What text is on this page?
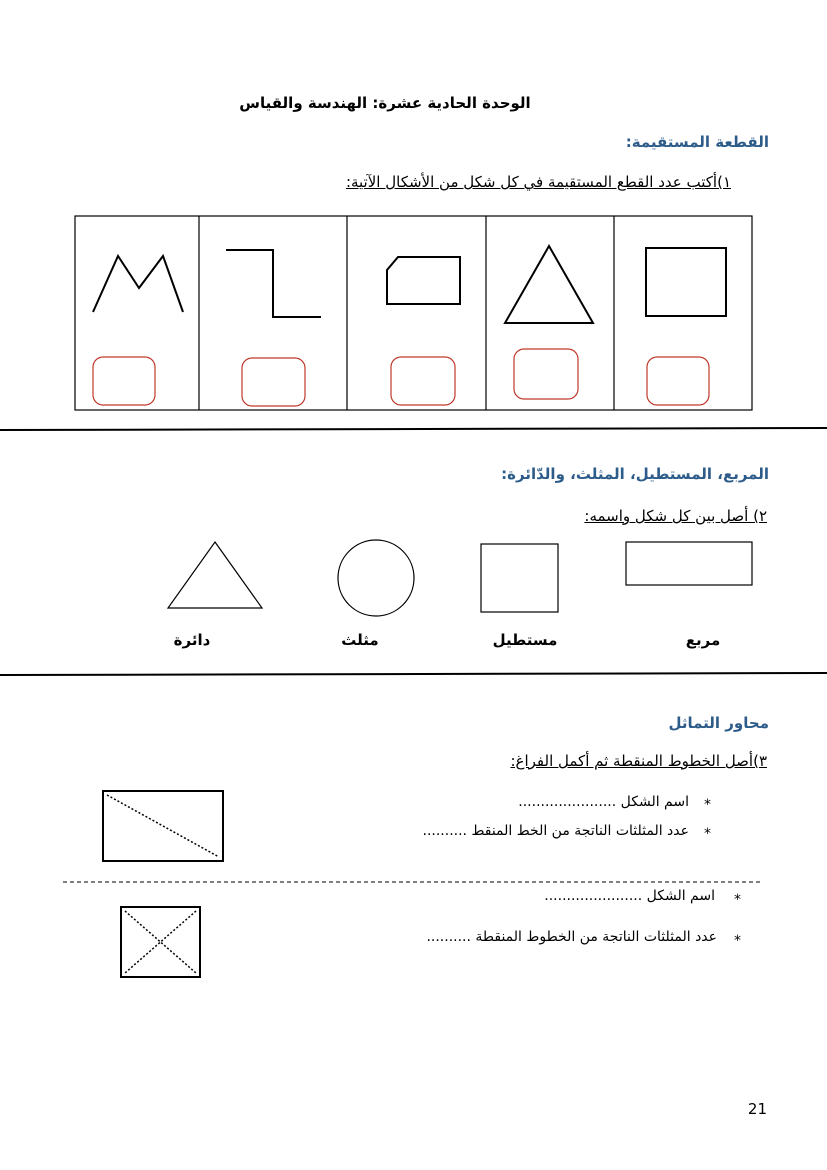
الوحدة الحادية عشرة: الهندسة والقياس
القطعة المستقيمة:
١)أكتب عدد القطع المستقيمة في كل شكل من الأشكال الآتية:
المربع، المستطيل، المثلث، والدّائرة:
٢) أصل بين كل شكل واسمه:
مربع
مستطيل
مثلث
دائرة
محاور التماثل
٣)أصل الخطوط المنقطة ثم أكمل الفراغ:
*
اسم الشكل ......................
*
عدد المثلثات الناتجة من الخط المنقط ..........
*
اسم الشكل ......................
*
عدد المثلثات الناتجة من الخطوط المنقطة ..........
21
